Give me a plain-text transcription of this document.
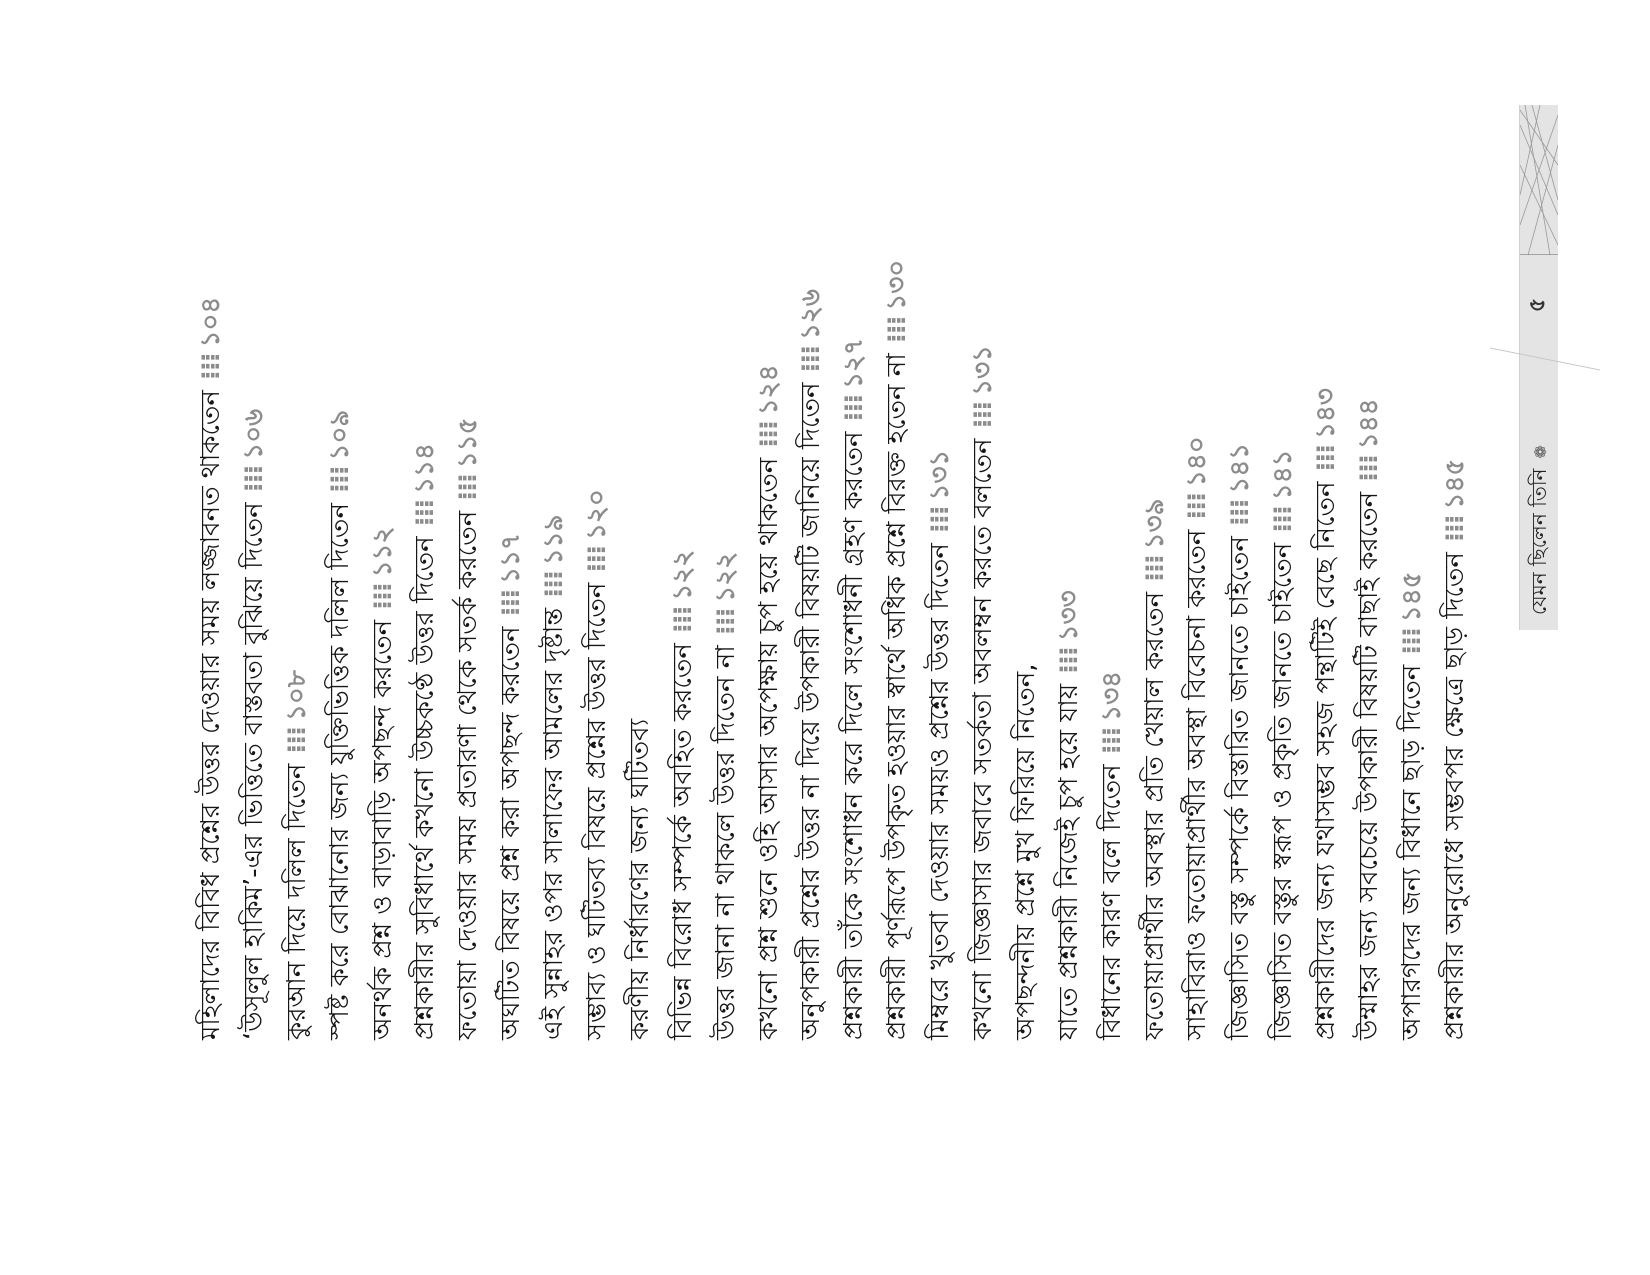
মহিলাদের বিবিধ প্রশ্নের উত্তর দেওয়ার সময় লজ্জাবনত থাকতেন⁞⁞⁞১০৪
‘উসূলুল হাকিম’-এর ভিত্তিতে বাস্তবতা বুঝিয়ে দিতেন⁞⁞⁞১০৬
কুরআন দিয়ে দলিল দিতেন⁞⁞⁞১০৮ স্পষ্ট করে বোঝানোর জন্য যুক্তিভিত্তিক দলিল দিতেন⁞⁞⁞১০৯
অনর্থক প্রশ্ন ও বাড়াবাড়ি অপছন্দ করতেন⁞⁞⁞১১২ প্রশ্নকারীর সুবিধার্থে কখনো উচ্চকণ্ঠে উত্তর দিতেন⁞⁞⁞১১৪
ফতোয়া দেওয়ার সময় প্রতারণা থেকে সতর্ক করতেন⁞⁞⁞১১৫
অঘটিত বিষয়ে প্রশ্ন করা অপছন্দ করতেন⁞⁞⁞১১৭
এই সুন্নাহর ওপর সালাফের আমলের দৃষ্টান্ত⁞⁞⁞১১৯
সম্ভাব্য ও ঘটিতব্য বিষয়ে প্রশ্নের উত্তর দিতেন⁞⁞⁞১২০
করণীয় নির্ধারণের জন্য ঘটিতব্য বিভিন্ন বিরোধ সম্পর্কে অবহিত করতেন⁞⁞⁞১২২
উত্তর জানা না থাকলে উত্তর দিতেন না⁞⁞⁞১২২ কখনো প্রশ্ন শুনে ওহি আসার অপেক্ষায় চুপ হয়ে থাকতেন⁞⁞⁞১২৪ অনুপকারী প্রশ্নের উত্তর না দিয়ে উপকারী বিষয়টি জানিয়ে দিতেন⁞⁞⁞১২৬
প্রশ্নকারী তাঁকে সংশোধন করে দিলে সংশোধনী গ্রহণ করতেন⁞⁞⁞১২৭ প্রশ্নকারী পূর্ণরূপে উপকৃত হওয়ার স্বার্থে অধিক প্রশ্নে বিরক্ত হতেন না⁞⁞⁞১৩০
মিম্বরে খুতবা দেওয়ার সময়ও প্রশ্নের উত্তর দিতেন⁞⁞⁞১৩১ কখনো জিজ্ঞাসার জবাবে সতর্কতা অবলম্বন করতে বলতেন⁞⁞⁞১৩১
অপছন্দনীয় প্রশ্নে মুখ ফিরিয়ে নিতেন, যাতে প্রশ্নকারী নিজেই চুপ হয়ে যায়⁞⁞⁞১৩৩
বিধানের কারণ বলে দিতেন⁞⁞⁞১৩৪ ফতোয়াপ্রার্থীর অবস্থার প্রতি খেয়াল করতেন⁞⁞⁞১৩৯
সাহাবিরাও ফতোয়াপ্রার্থীর অবস্থা বিবেচনা করতেন⁞⁞⁞১৪০
জিজ্ঞাসিত বস্তু সম্পর্কে বিস্তারিত জানতে চাইতেন⁞⁞⁞১৪১
জিজ্ঞাসিত বস্তুর স্বরূপ ও প্রকৃতি জানতে চাইতেন⁞⁞⁞১৪১
প্রশ্নকারীদের জন্য যথাসম্ভব সহজ পন্থাটিই বেছে নিতেন⁞⁞⁞১৪৩
উম্মাহর জন্য সবচেয়ে উপকারী বিষয়টি বাছাই করতেন⁞⁞⁞১৪৪
অপারগদের জন্য বিধানে ছাড় দিতেন⁞⁞⁞১৪৫ প্রশ্নকারীর অনুরোধে সম্ভবপর ক্ষেত্রে ছাড় দিতেন⁞⁞⁞১৪৫
৫
যেমন ছিলেন তিনি❁
